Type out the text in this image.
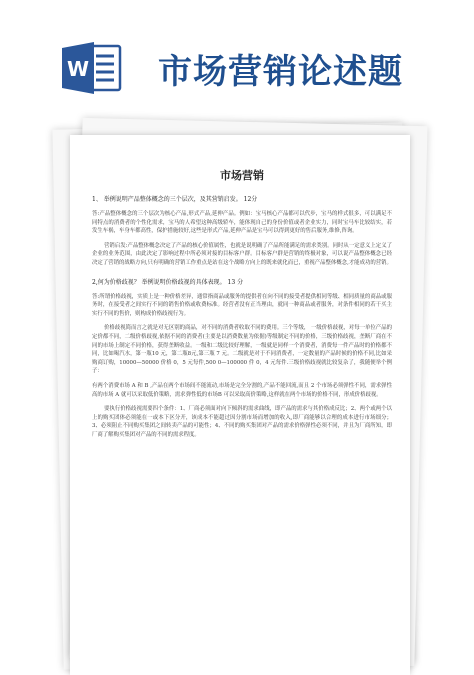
W 市场营销论述题
市场营销
1、 举例说明产品整体概念的三个层次，及其营销启发。 12分
答:产品整体概念的三个层次为核心产品,形式产品,延伸产品。例如：宝马核心产品都可以代步，宝马的样式很多，可以满足不同特点的消费者的个性化需求，宝马的人希望这种高级轿车，能体现自己的身份价值或者企业实力，同时宝马车比较结实，若发生车祸，车身车都高性，保护措施较好,这些是形式产品,延伸产品是宝马可以得到更好的售后服务,维修,咨询。
营销启发:产品整体概念决定了产品的核心价值属性，也就是说明确了产品所能满足的需求类别。同时从一定意义上定义了企业的业务范围，由此决定了影响过程中所必须对接的目标客户群。目标客户群是营销的终极对象，可以说产品整体概念已经决定了营销的战略方向,只有明确的营销工作重点是站在这个战略方向上的既来就化而已，重视产品整体概念,才能成功的营销。
2,何为价格歧视？ 举例说明价格歧视的具体表现。 13 分
答:所谓价格歧视，实质上是一种价格差异，通常指商品或服务的提供者在向不同的接受者提供相同等级、相同质量的商品或服务时，在接受者之间实行不同的销售价格或收费标准。经营者没有正当理由，就同一种商品或者服务，对条件相同的若干买主实行不同的售价，则构成价格歧视行为。
价格歧视简而言之就是对无区别的商品，对不同的消费者收取不同的费用。三个等级， 一级价格歧视，对每一单位产品的定价都不同，二级价格歧视,依据不同的消费者(主要是以消费数量为依据)等级制定不同的价格，三级价格歧视，垄断厂商在不同的市场上制定不同价格，获得垄断收益。一级和二级比较好理解，一级就是同样一个消费者，消费每一件产品时的价格都不同，比如喝汽水，第一瓶10 元，第二瓶8元,第三瓶 7 元。二级就是对于不同消费者，一定数量的产品时候的价格不同,比如采购商订购，10000—50000 价格 0，5 元每件,500 0—100000 件 0，4 元每件.三级价格歧视就比较复杂了，我随便举个例子：
有两个消费市场 A 和 B ,产品在两个市场间不能流动,市场是完全分割的,产品不能回流,而且 2 个市场必须弹性不同，需求弹性高的市场 A 就可以采取低价策略，需求弹性低的市场B 可以采取高价策略,这样就在两个市场的价格不同，形成价格歧视。
要执行价格歧视需要四个条件：1、厂商必须面对向下倾斜的需求曲线，即产品的需求与其价格成反比；2、两个或两个以上的购买团体必须能在一或本下区分开，该成本不能超过因分割市场而增加的收入,即厂商能够以合理的成本进行市场细分；3、必须阻止不同购买集团之间转卖产品的可能性；4、不同的购买集团对产品的需求价格弹性必须不同，并且为厂商所知，即厂商了解购买集团对产品的不同的需求程度。
